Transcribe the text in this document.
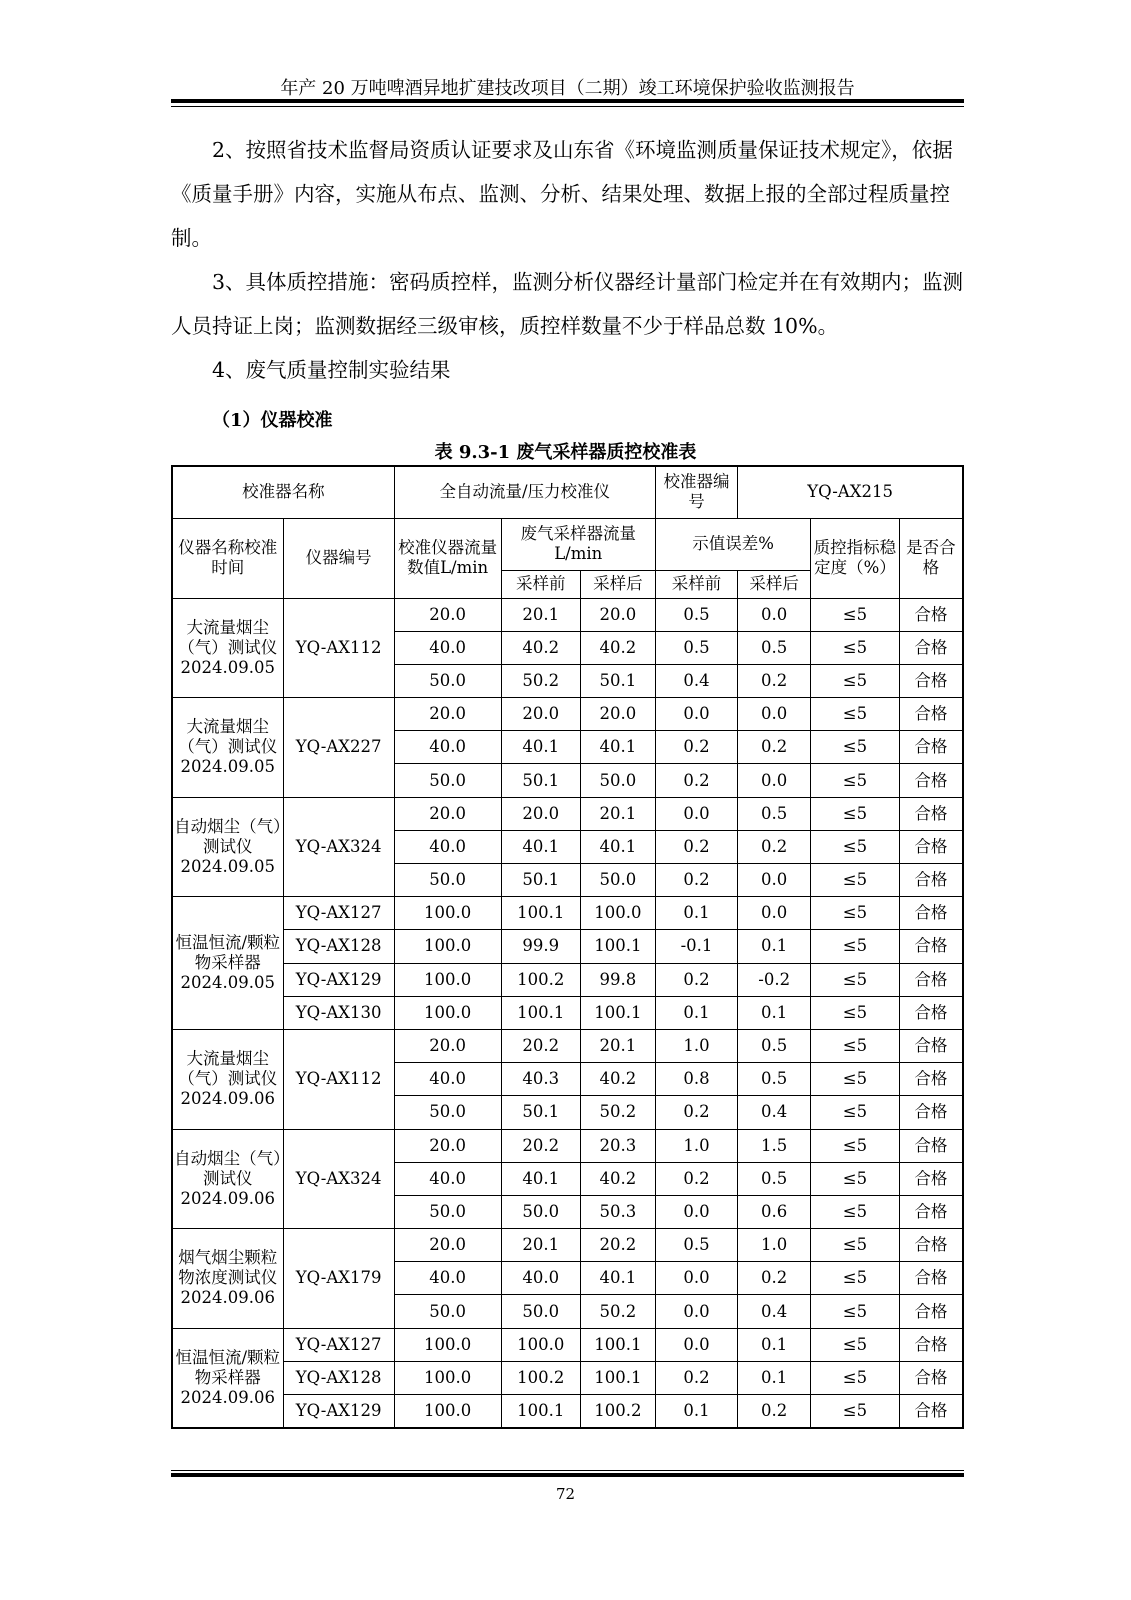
年产 20 万吨啤酒异地扩建技改项目（二期）竣工环境保护验收监测报告
2、按照省技术监督局资质认证要求及山东省《环境监测质量保证技术规定》，依据《质量手册》内容，实施从布点、监测、分析、结果处理、数据上报的全部过程质量控制。
3、具体质控措施：密码质控样，监测分析仪器经计量部门检定并在有效期内；监测人员持证上岗；监测数据经三级审核，质控样数量不少于样品总数 10%。
4、废气质量控制实验结果
（1）仪器校准
表 9.3-1 废气采样器质控校准表
校准器名称		全自动流量/压力校准仪			校准器编号	YQ-AX215		

仪器名称校准时间	仪器编号	校准仪器流量数值L/min	废气采样器流量L/min		示值误差%		质控指标稳定度（%）	是否合格

			采样前	采样后	采样前	采样后		

大流量烟尘（气）测试仪
2024.09.05	YQ-AX112	20.0	20.1	20.0	0.5	0.0	≤5	合格
		40.0	40.2	40.2	0.5	0.5	≤5	合格
		50.0	50.2	50.1	0.4	0.2	≤5	合格

大流量烟尘（气）测试仪
2024.09.05	YQ-AX227	20.0	20.0	20.0	0.0	0.0	≤5	合格
		40.0	40.1	40.1	0.2	0.2	≤5	合格
		50.0	50.1	50.0	0.2	0.0	≤5	合格

自动烟尘（气）测试仪
2024.09.05	YQ-AX324	20.0	20.0	20.1	0.0	0.5	≤5	合格
		40.0	40.1	40.1	0.2	0.2	≤5	合格
		50.0	50.1	50.0	0.2	0.0	≤5	合格

恒温恒流/颗粒物采样器
2024.09.05	YQ-AX127	100.0	100.1	100.0	0.1	0.0	≤5	合格
	YQ-AX128	100.0	99.9	100.1	-0.1	0.1	≤5	合格
	YQ-AX129	100.0	100.2	99.8	0.2	-0.2	≤5	合格
	YQ-AX130	100.0	100.1	100.1	0.1	0.1	≤5	合格

大流量烟尘（气）测试仪
2024.09.06	YQ-AX112	20.0	20.2	20.1	1.0	0.5	≤5	合格
		40.0	40.3	40.2	0.8	0.5	≤5	合格
		50.0	50.1	50.2	0.2	0.4	≤5	合格

自动烟尘（气）测试仪
2024.09.06	YQ-AX324	20.0	20.2	20.3	1.0	1.5	≤5	合格
		40.0	40.1	40.2	0.2	0.5	≤5	合格
		50.0	50.0	50.3	0.0	0.6	≤5	合格

烟气烟尘颗粒物浓度测试仪
2024.09.06	YQ-AX179	20.0	20.1	20.2	0.5	1.0	≤5	合格
		40.0	40.0	40.1	0.0	0.2	≤5	合格
		50.0	50.0	50.2	0.0	0.4	≤5	合格

恒温恒流/颗粒物采样器
2024.09.06	YQ-AX127	100.0	100.0	100.1	0.0	0.1	≤5	合格
	YQ-AX128	100.0	100.2	100.1	0.2	0.1	≤5	合格
	YQ-AX129	100.0	100.1	100.2	0.1	0.2	≤5	合格
72
